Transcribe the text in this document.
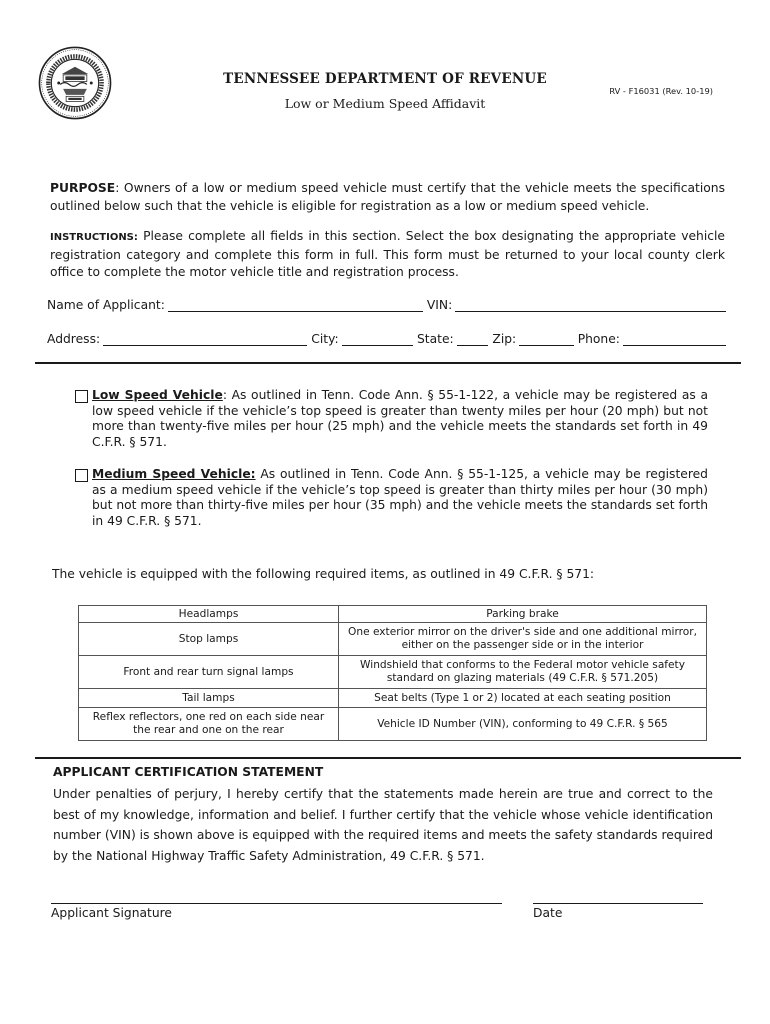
TENNESSEE DEPARTMENT OF REVENUE
Low or Medium Speed Affidavit
RV - F16031 (Rev. 10-19)
PURPOSE: Owners of a low or medium speed vehicle must certify that the vehicle meets the specifications outlined below such that the vehicle is eligible for registration as a low or medium speed vehicle.
INSTRUCTIONS: Please complete all fields in this section. Select the box designating the appropriate vehicle registration category and complete this form in full. This form must be returned to your local county clerk office to complete the motor vehicle title and registration process.
Name of Applicant:	VIN:
Address:	City:	State:	Zip:	Phone:
Low Speed Vehicle: As outlined in Tenn. Code Ann. § 55-1-122, a vehicle may be registered as a low speed vehicle if the vehicle’s top speed is greater than twenty miles per hour (20 mph) but not more than twenty-five miles per hour (25 mph) and the vehicle meets the standards set forth in 49 C.F.R. § 571.
Medium Speed Vehicle: As outlined in Tenn. Code Ann. § 55-1-125, a vehicle may be registered as a medium speed vehicle if the vehicle’s top speed is greater than thirty miles per hour (30 mph) but not more than thirty-five miles per hour (35 mph) and the vehicle meets the standards set forth in 49 C.F.R. § 571.
The vehicle is equipped with the following required items, as outlined in 49 C.F.R. § 571:
Headlamps	Parking brake
Stop lamps	One exterior mirror on the driver's side and one additional mirror, either on the passenger side or in the interior
Front and rear turn signal lamps	Windshield that conforms to the Federal motor vehicle safety standard on glazing materials (49 C.F.R. § 571.205)
Tail lamps	Seat belts (Type 1 or 2) located at each seating position
Reflex reflectors, one red on each side near the rear and one on the rear	Vehicle ID Number (VIN), conforming to 49 C.F.R. § 565
APPLICANT CERTIFICATION STATEMENT
Under penalties of perjury, I hereby certify that the statements made herein are true and correct to the best of my knowledge, information and belief. I further certify that the vehicle whose vehicle identification number (VIN) is shown above is equipped with the required items and meets the safety standards required by the National Highway Traffic Safety Administration, 49 C.F.R. § 571.
Applicant Signature	Date
